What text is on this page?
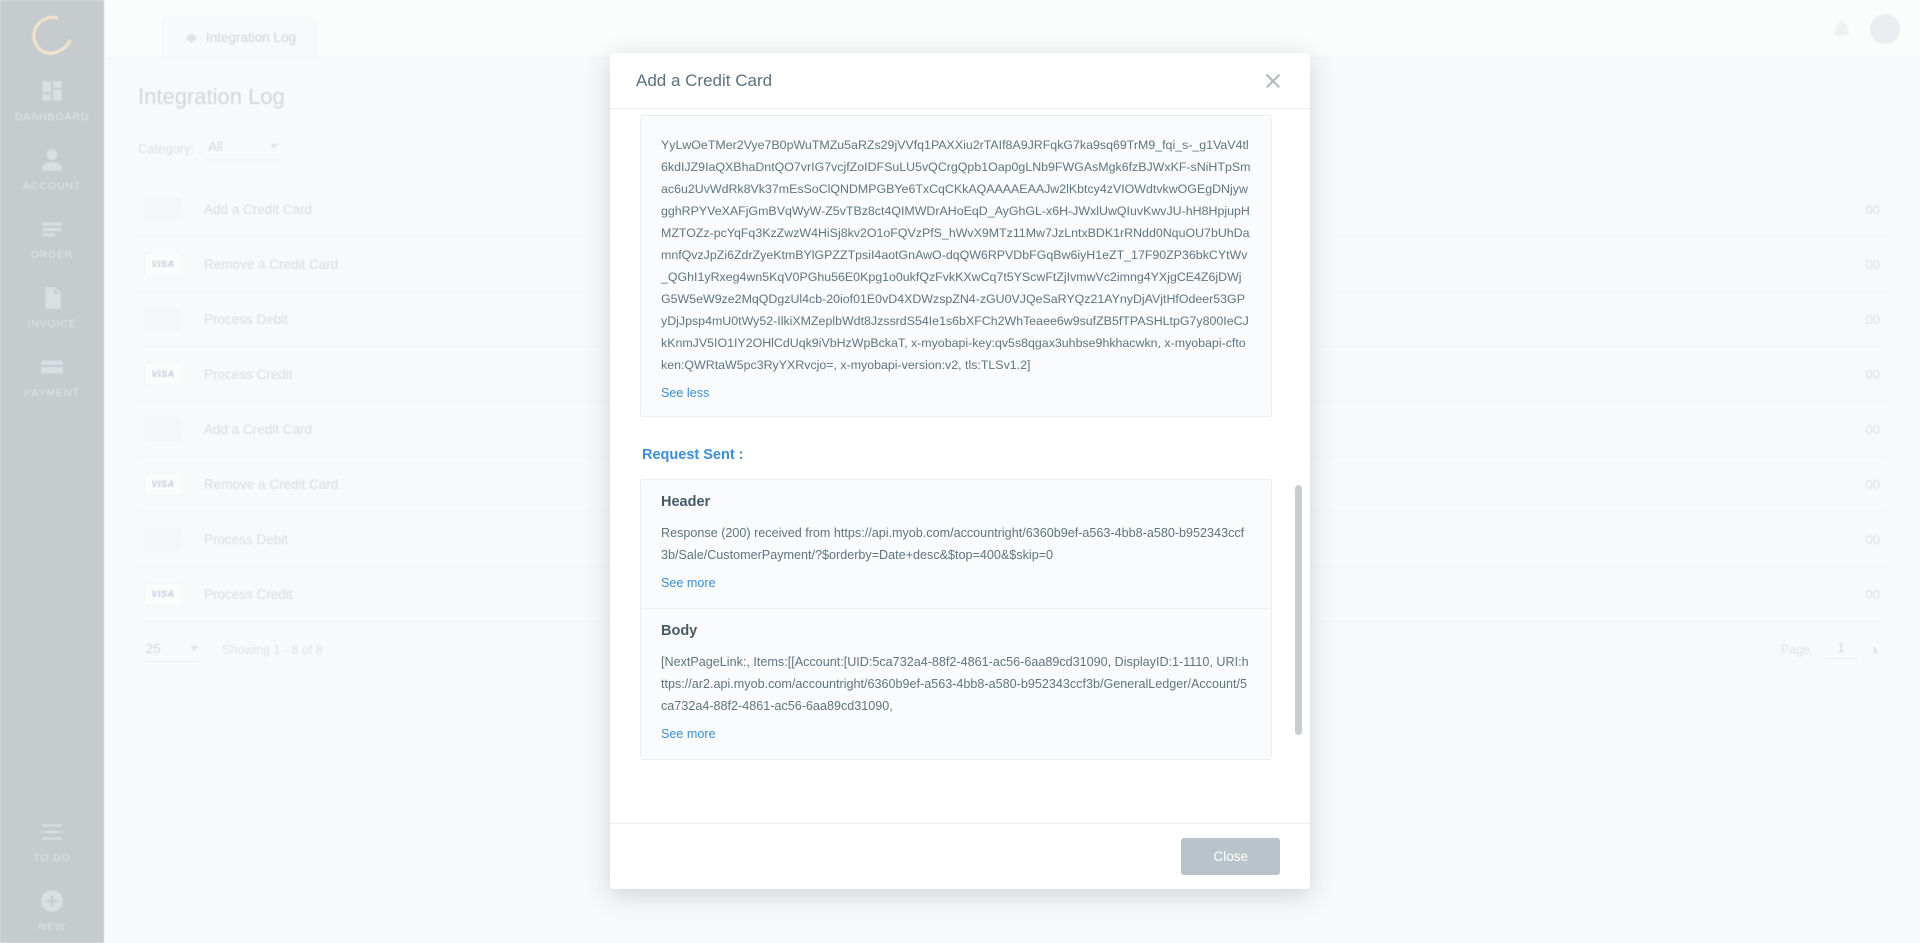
Add a Credit Card
YyLwOeTMer2Vye7B0pWuTMZu5aRZs29jVVfq1PAXXiu2rTAIf8A9JRFqkG7ka9sq69TrM9_fqi_s-_g1VaV4tl6kdIJZ9IaQXBhaDntQO7vrIG7vcjfZoIDFSuLU5vQCrgQpb1Oap0gLNb9FWGAsMgk6fzBJWxKF-sNiHTpSmac6u2UvWdRk8Vk37mEsSoClQNDMPGBYe6TxCqCKkAQAAAAEAAJw2lKbtcy4zVIOWdtvkwOGEgDNjywgghRPYVeXAFjGmBVqWyW-Z5vTBz8ct4QIMWDrAHoEqD_AyGhGL-x6H-JWxlUwQIuvKwvJU-hH8HpjupHMZTOZz-pcYqFq3KzZwzW4HiSj8kv2O1oFQVzPfS_hWvX9MTz11Mw7JzLntxBDK1rRNdd0NquOU7bUhDamnfQvzJpZi6ZdrZyeKtmBYlGPZZTpsiI4aotGnAwO-dqQW6RPVDbFGqBw6iyH1eZT_17F90ZP36bkCYtWv_QGhI1yRxeg4wn5KqV0PGhu56E0Kpg1o0ukfQzFvkKXwCq7t5YScwFtZjIvmwVc2imng4YXjgCE4Z6jDWjG5W5eW9ze2MqQDgzUl4cb-20iof01E0vD4XDWzspZN4-zGU0VJQeSaRYQz21AYnyDjAVjtHfOdeer53GPyDjJpsp4mU0tWy52-IlkiXMZeplbWdt8JzssrdS54Ie1s6bXFCh2WhTeaee6w9sufZB5fTPASHLtpG7y800IeCJkKnmJV5IO1IY2OHlCdUqk9iVbHzWpBckaT, x-myobapi-key:qv5s8qgax3uhbse9hkhacwkn, x-myobapi-cftoken:QWRtaW5pc3RyYXRvcjo=, x-myobapi-version:v2, tls:TLSv1.2]
See less
Request Sent :
Header
Response (200) received from https://api.myob.com/accountright/6360b9ef-a563-4bb8-a580-b952343ccf3b/Sale/CustomerPayment/?$orderby=Date+desc&$top=400&$skip=0
See more
Body
[NextPageLink:, Items:[[Account:[UID:5ca732a4-88f2-4861-ac56-6aa89cd31090, DisplayID:1-1110, URI:https://ar2.api.myob.com/accountright/6360b9ef-a563-4bb8-a580-b952343ccf3b/GeneralLedger/Account/5ca732a4-88f2-4861-ac56-6aa89cd31090,
See more
Close
